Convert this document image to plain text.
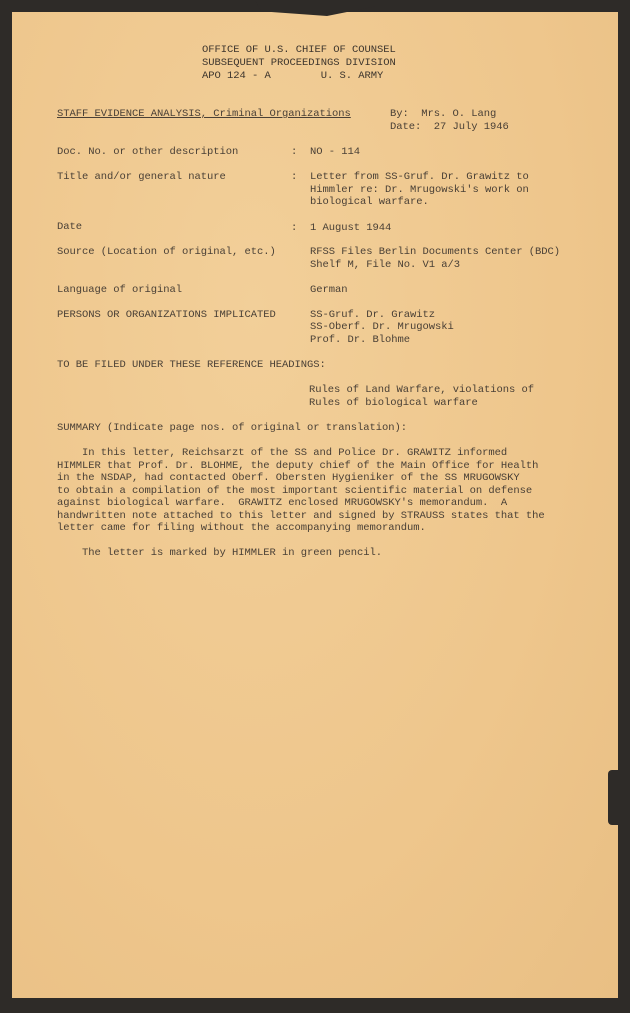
OFFICE OF U.S. CHIEF OF COUNSEL
SUBSEQUENT PROCEEDINGS DIVISION
APO 124 - A        U. S. ARMY
STAFF EVIDENCE ANALYSIS, Criminal Organizations	By:  Mrs. O. Lang
Date:  27 July 1946
Doc. No. or other description	: NO - 114
Title and/or general nature	: Letter from SS-Gruf. Dr. Grawitz to
Himmler re: Dr. Mrugowski's work on
biological warfare.
Date	: 1 August 1944
Source (Location of original, etc.)	RFSS Files Berlin Documents Center (BDC)
Shelf M, File No. V1 a/3
Language of original	German
PERSONS OR ORGANIZATIONS IMPLICATED	SS-Gruf. Dr. Grawitz
SS-Oberf. Dr. Mrugowski
Prof. Dr. Blohme
TO BE FILED UNDER THESE REFERENCE HEADINGS:
Rules of Land Warfare, violations of
Rules of biological warfare
SUMMARY (Indicate page nos. of original or translation):
In this letter, Reichsarzt of the SS and Police Dr. GRAWITZ informed
HIMMLER that Prof. Dr. BLOHME, the deputy chief of the Main Office for Health
in the NSDAP, had contacted Oberf. Obersten Hygieniker of the SS MRUGOWSKY
to obtain a compilation of the most important scientific material on defense
against biological warfare.  GRAWITZ enclosed MRUGOWSKY's memorandum.  A
handwritten note attached to this letter and signed by STRAUSS states that the
letter came for filing without the accompanying memorandum.
The letter is marked by HIMMLER in green pencil.
